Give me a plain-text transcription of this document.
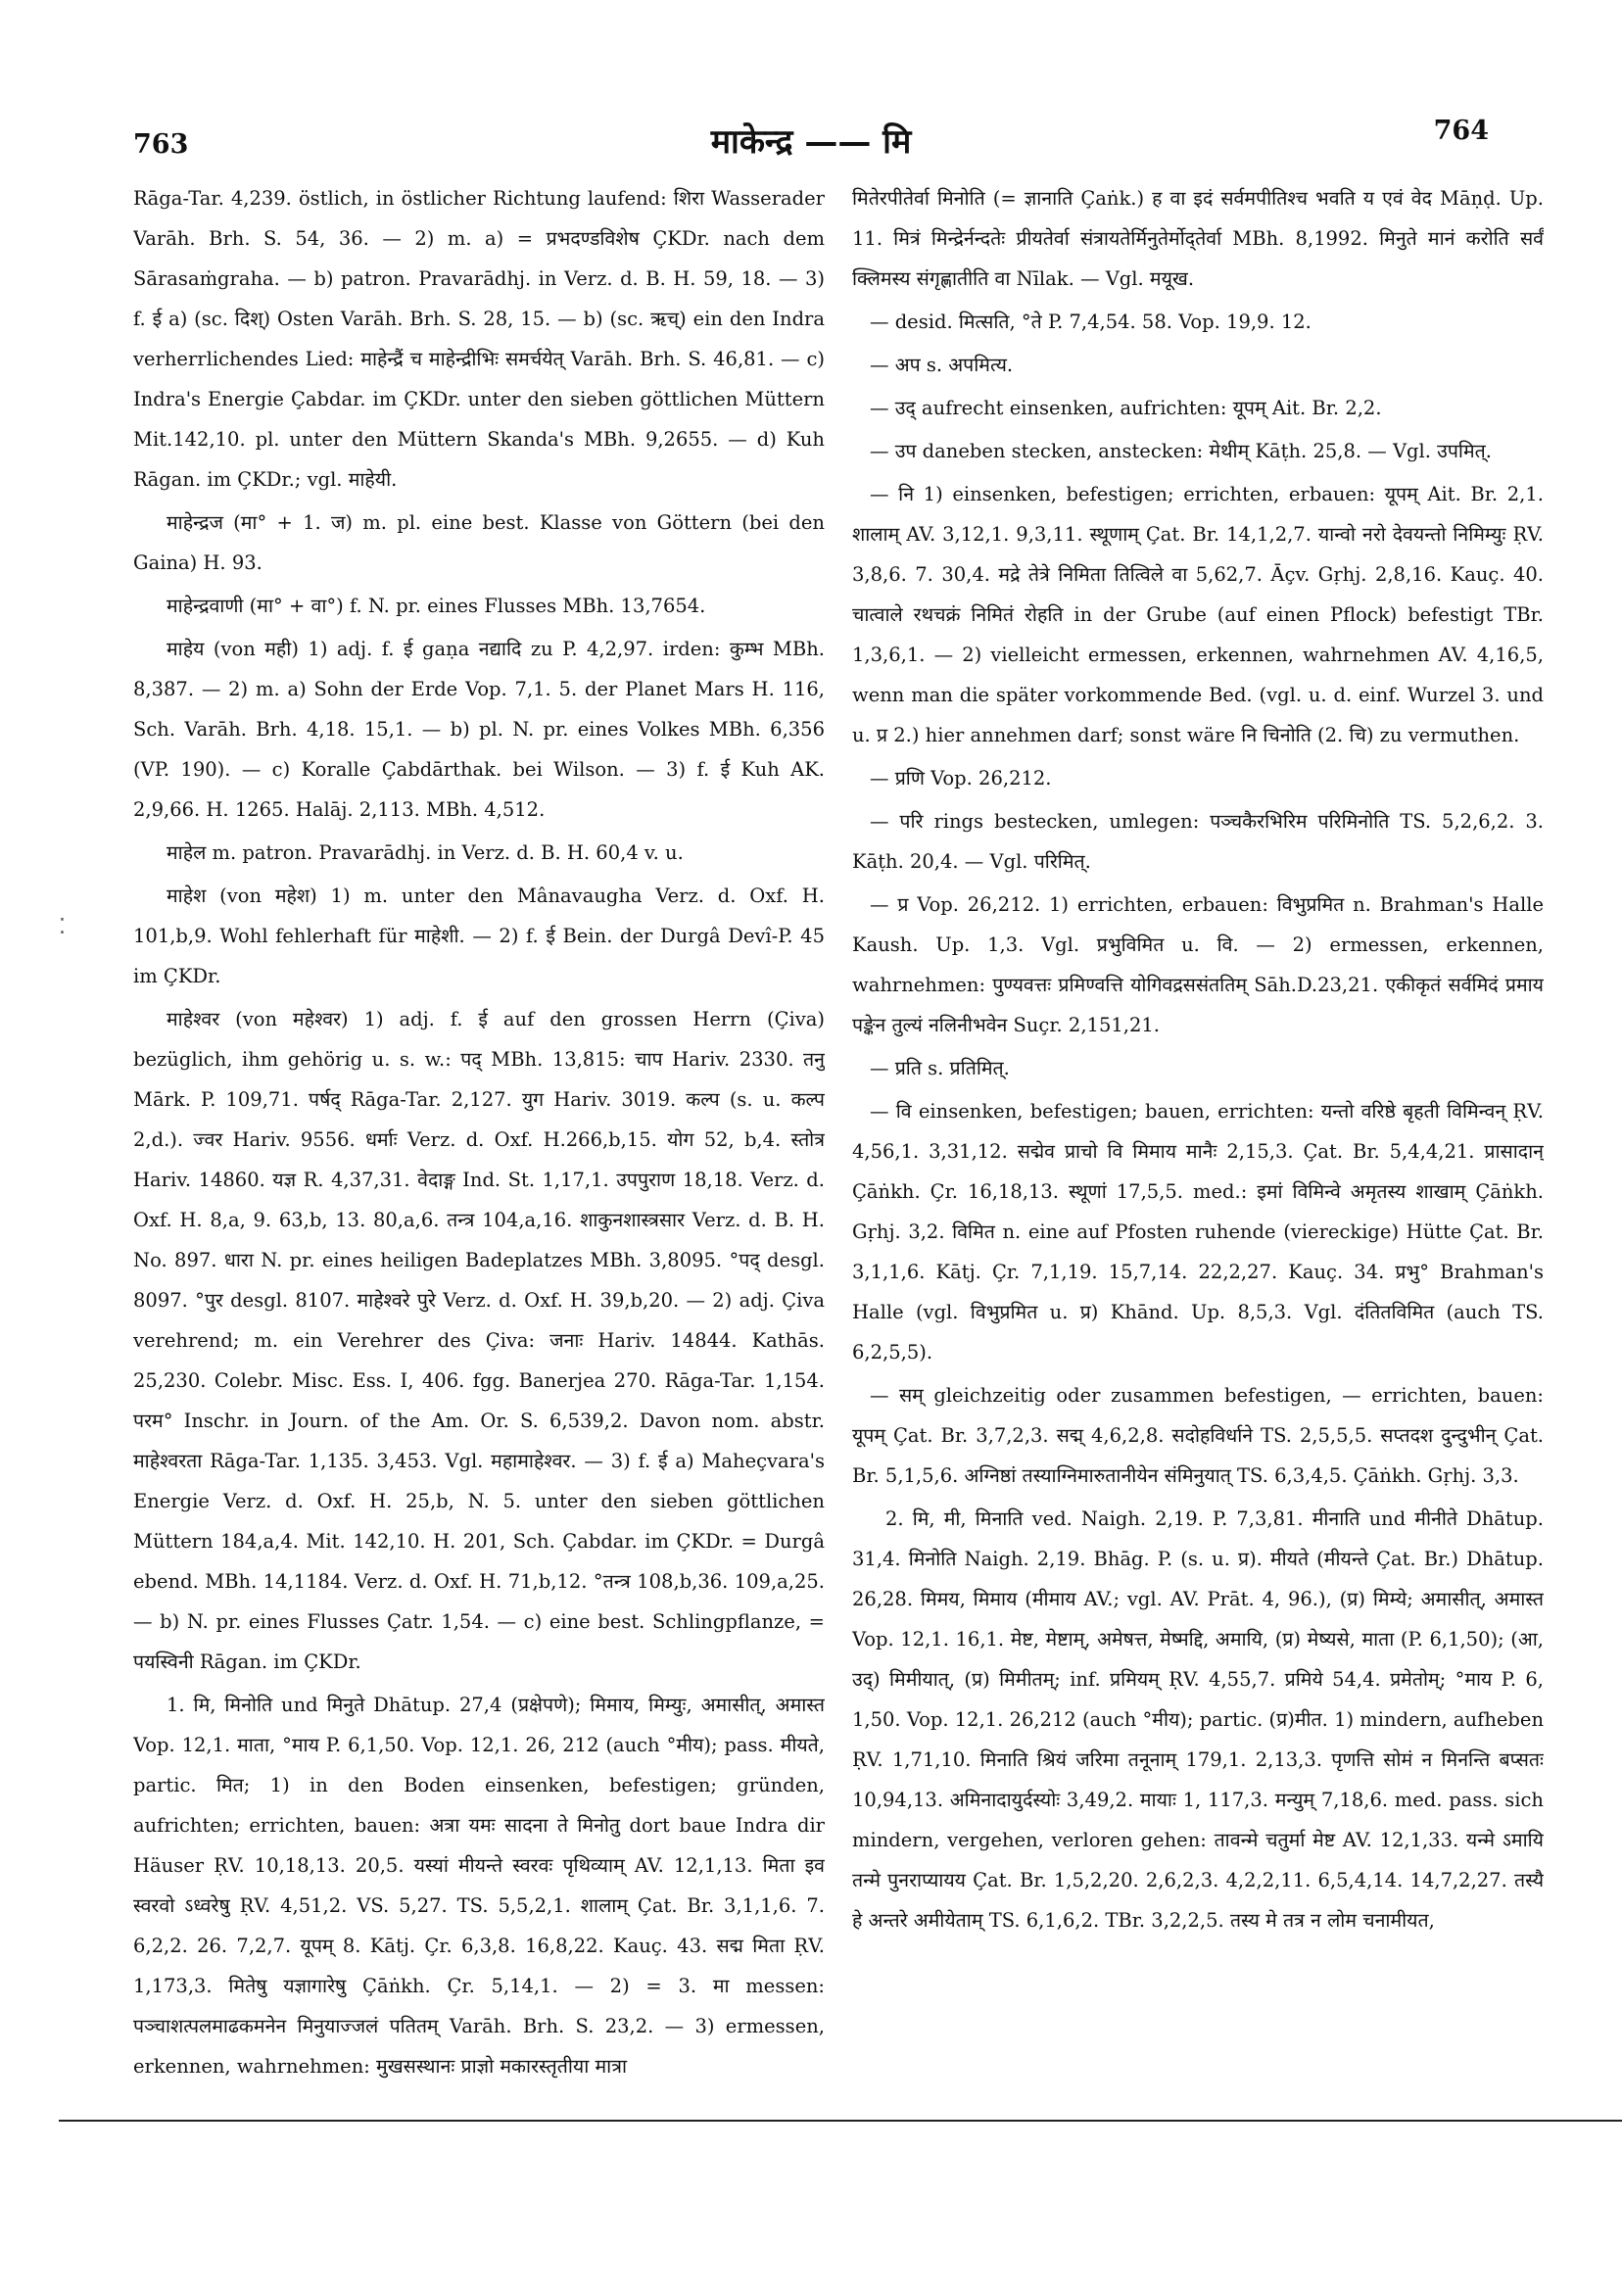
763	माकेन्द्र —— मि	764

Rāga-Tar. 4,239. östlich, in östlicher Richtung laufend: शिरा Wasserader Varāh. Brh. S. 54, 36. — 2) m. a) = प्रभदण्डविशेष ÇKDr. nach dem Sārasaṁgraha. — b) patron. Pravarādhj. in Verz. d. B. H. 59, 18. — 3) f. ई a) (sc. दिश्) Osten Varāh. Brh. S. 28, 15. — b) (sc. ऋच्) ein den Indra verherrlichendes Lied: माहेन्द्रैं च माहेन्द्रीभिः समर्चयेत् Varāh. Brh. S. 46,81. — c) Indra's Energie Çabdar. im ÇKDr. unter den sieben göttlichen Müttern Mit.142,10. pl. unter den Müttern Skanda's MBh. 9,2655. — d) Kuh Rāgan. im ÇKDr.; vgl. माहेयी.

माहेन्द्रज (मा° + 1. ज) m. pl. eine best. Klasse von Göttern (bei den Gaina) H. 93.

माहेन्द्रवाणी (मा° + वा°) f. N. pr. eines Flusses MBh. 13,7654.

माहेय (von मही) 1) adj. f. ई gaṇa नद्यादि zu P. 4,2,97. irden: कुम्भ MBh. 8,387. — 2) m. a) Sohn der Erde Vop. 7,1. 5. der Planet Mars H. 116, Sch. Varāh. Brh. 4,18. 15,1. — b) pl. N. pr. eines Volkes MBh. 6,356 (VP. 190). — c) Koralle Çabdārthak. bei Wilson. — 3) f. ई Kuh AK. 2,9,66. H. 1265. Halāj. 2,113. MBh. 4,512.

माहेल m. patron. Pravarādhj. in Verz. d. B. H. 60,4 v. u.

माहेश (von महेश) 1) m. unter den Mânavaugha Verz. d. Oxf. H. 101,b,9. Wohl fehlerhaft für माहेशी. — 2) f. ई Bein. der Durgâ Devî-P. 45 im ÇKDr.

माहेश्वर (von महेश्वर) 1) adj. f. ई auf den grossen Herrn (Çiva) bezüglich, ihm gehörig u. s. w.: पद् MBh. 13,815: चाप Hariv. 2330. तनु Mārk. P. 109,71. पर्षद् Rāga-Tar. 2,127. युग Hariv. 3019. कल्प (s. u. कल्प 2,d.). ज्वर Hariv. 9556. धर्माः Verz. d. Oxf. H.266,b,15. योग 52, b,4. स्तोत्र Hariv. 14860. यज्ञ R. 4,37,31. वेदाङ्ग Ind. St. 1,17,1. उपपुराण 18,18. Verz. d. Oxf. H. 8,a, 9. 63,b, 13. 80,a,6. तन्त्र 104,a,16. शाकुनशास्त्रसार Verz. d. B. H. No. 897. धारा N. pr. eines heiligen Badeplatzes MBh. 3,8095. °पद् desgl. 8097. °पुर desgl. 8107. माहेश्वरे पुरे Verz. d. Oxf. H. 39,b,20. — 2) adj. Çiva verehrend; m. ein Verehrer des Çiva: जनाः Hariv. 14844. Kathās. 25,230. Colebr. Misc. Ess. I, 406. fgg. Banerjea 270. Rāga-Tar. 1,154. परम° Inschr. in Journ. of the Am. Or. S. 6,539,2. Davon nom. abstr. माहेश्वरता Rāga-Tar. 1,135. 3,453. Vgl. महामाहेश्वर. — 3) f. ई a) Maheçvara's Energie Verz. d. Oxf. H. 25,b, N. 5. unter den sieben göttlichen Müttern 184,a,4. Mit. 142,10. H. 201, Sch. Çabdar. im ÇKDr. = Durgâ ebend. MBh. 14,1184. Verz. d. Oxf. H. 71,b,12. °तन्त्र 108,b,36. 109,a,25. — b) N. pr. eines Flusses Çatr. 1,54. — c) eine best. Schlingpflanze, = पयस्विनी Rāgan. im ÇKDr.

1. मि, मिनोति und मिनुते Dhātup. 27,4 (प्रक्षेपणे); मिमाय, मिम्युः, अमासीत्, अमास्त Vop. 12,1. माता, °माय P. 6,1,50. Vop. 12,1. 26, 212 (auch °मीय); pass. मीयते, partic. मित; 1) in den Boden einsenken, befestigen; gründen, aufrichten; errichten, bauen: अत्रा यमः सादना ते मिनोतु dort baue Indra dir Häuser ṚV. 10,18,13. 20,5. यस्यां मीयन्ते स्वरवः पृथिव्याम् AV. 12,1,13. मिता इव स्वरवो ऽध्वरेषु ṚV. 4,51,2. VS. 5,27. TS. 5,5,2,1. शालाम् Çat. Br. 3,1,1,6. 7. 6,2,2. 26. 7,2,7. यूपम् 8. Kātj. Çr. 6,3,8. 16,8,22. Kauç. 43. सद्म मिता ṚV. 1,173,3. मितेषु यज्ञागारेषु Çāṅkh. Çr. 5,14,1. — 2) = 3. मा messen: पञ्चाशत्पलमाढकमनेन मिनुयाज्जलं पतितम् Varāh. Brh. S. 23,2. — 3) ermessen, erkennen, wahrnehmen: मुखसस्थानः प्राज्ञो मकारस्तृतीया मात्रा

मितेरपीतेर्वा मिनोति (= ज्ञानाति Çaṅk.) ह वा इदं सर्वमपीतिश्च भवति य एवं वेद Māṇḍ. Up. 11. मित्रं मिन्द्रेर्नन्दतेः प्रीयतेर्वा संत्रायतेर्मिनुतेर्मोद्तेर्वा MBh. 8,1992. मिनुते मानं करोति सर्वं क्लिमस्य संगृह्णातीति वा Nīlak. — Vgl. मयूख.

— desid. मित्सति, °ते P. 7,4,54. 58. Vop. 19,9. 12.

— अप s. अपमित्य.

— उद् aufrecht einsenken, aufrichten: यूपम् Ait. Br. 2,2.

— उप daneben stecken, anstecken: मेथीम् Kāṭh. 25,8. — Vgl. उपमित्.

— नि 1) einsenken, befestigen; errichten, erbauen: यूपम् Ait. Br. 2,1. शालाम् AV. 3,12,1. 9,3,11. स्थूणाम् Çat. Br. 14,1,2,7. यान्वो नरो देवयन्तो निमिम्युः ṚV. 3,8,6. 7. 30,4. मद्रे तेत्रे निमिता तित्विले वा 5,62,7. Āçv. Gṛhj. 2,8,16. Kauç. 40. चात्वाले रथचक्रं निमितं रोहति in der Grube (auf einen Pflock) befestigt TBr. 1,3,6,1. — 2) vielleicht ermessen, erkennen, wahrnehmen AV. 4,16,5, wenn man die später vorkommende Bed. (vgl. u. d. einf. Wurzel 3. und u. प्र 2.) hier annehmen darf; sonst wäre नि चिनोति (2. चि) zu vermuthen.

— प्रणि Vop. 26,212.

— परि rings bestecken, umlegen: पञ्चकैरभिरिम परिमिनोति TS. 5,2,6,2. 3. Kāṭh. 20,4. — Vgl. परिमित्.

— प्र Vop. 26,212. 1) errichten, erbauen: विभुप्रमित n. Brahman's Halle Kaush. Up. 1,3. Vgl. प्रभुविमित u. वि. — 2) ermessen, erkennen, wahrnehmen: पुण्यवत्तः प्रमिण्वत्ति योगिवद्रससंततिम् Sāh.D.23,21. एकीकृतं सर्वमिदं प्रमाय पङ्केन तुल्यं नलिनीभवेन Suçr. 2,151,21.

— प्रति s. प्रतिमित्.

— वि einsenken, befestigen; bauen, errichten: यन्तो वरिष्ठे बृहती विमिन्वन् ṚV. 4,56,1. 3,31,12. सद्मेव प्राचो वि मिमाय मानैः 2,15,3. Çat. Br. 5,4,4,21. प्रासादान् Çāṅkh. Çr. 16,18,13. स्थूणां 17,5,5. med.: इमां विमिन्वे अमृतस्य शाखाम् Çāṅkh. Gṛhj. 3,2. विमित n. eine auf Pfosten ruhende (viereckige) Hütte Çat. Br. 3,1,1,6. Kātj. Çr. 7,1,19. 15,7,14. 22,2,27. Kauç. 34. प्रभु° Brahman's Halle (vgl. विभुप्रमित u. प्र) Khānd. Up. 8,5,3. Vgl. दंतितविमित (auch TS. 6,2,5,5).

— सम् gleichzeitig oder zusammen befestigen, — errichten, bauen: यूपम् Çat. Br. 3,7,2,3. सद्म् 4,6,2,8. सदोहविर्धाने TS. 2,5,5,5. सप्तदश दुन्दुभीन् Çat. Br. 5,1,5,6. अग्निष्ठां तस्याग्निमारुतानीयेन संमिनुयात् TS. 6,3,4,5. Çāṅkh. Gṛhj. 3,3.

2. मि, मी, मिनाति ved. Naigh. 2,19. P. 7,3,81. मीनाति und मीनीते Dhātup. 31,4. मिनोति Naigh. 2,19. Bhāg. P. (s. u. प्र). मीयते (मीयन्ते Çat. Br.) Dhātup. 26,28. मिमय, मिमाय (मीमाय AV.; vgl. AV. Prāt. 4, 96.), (प्र) मिम्ये; अमासीत्, अमास्त Vop. 12,1. 16,1. मेष्ट, मेष्टाम्, अमेषत्त, मेष्मद्दि, अमायि, (प्र) मेष्यसे, माता (P. 6,1,50); (आ, उद्) मिमीयात्, (प्र) मिमीतम्; inf. प्रमियम् ṚV. 4,55,7. प्रमिये 54,4. प्रमेतोम्; °माय P. 6, 1,50. Vop. 12,1. 26,212 (auch °मीय); partic. (प्र)मीत. 1) mindern, aufheben ṚV. 1,71,10. मिनाति श्रियं जरिमा तनूनाम् 179,1. 2,13,3. पृणत्ति सोमं न मिनन्ति बप्सतः 10,94,13. अमिनादायुर्दस्योः 3,49,2. मायाः 1, 117,3. मन्युम् 7,18,6. med. pass. sich mindern, vergehen, verloren gehen: तावन्मे चतुर्मा मेष्ट AV. 12,1,33. यन्मे ऽमायि तन्मे पुनराप्यायय Çat. Br. 1,5,2,20. 2,6,2,3. 4,2,2,11. 6,5,4,14. 14,7,2,27. तस्यै हे अन्तरे अमीयेताम् TS. 6,1,6,2. TBr. 3,2,2,5. तस्य मे तत्र न लोम चनामीयत,

⁚
